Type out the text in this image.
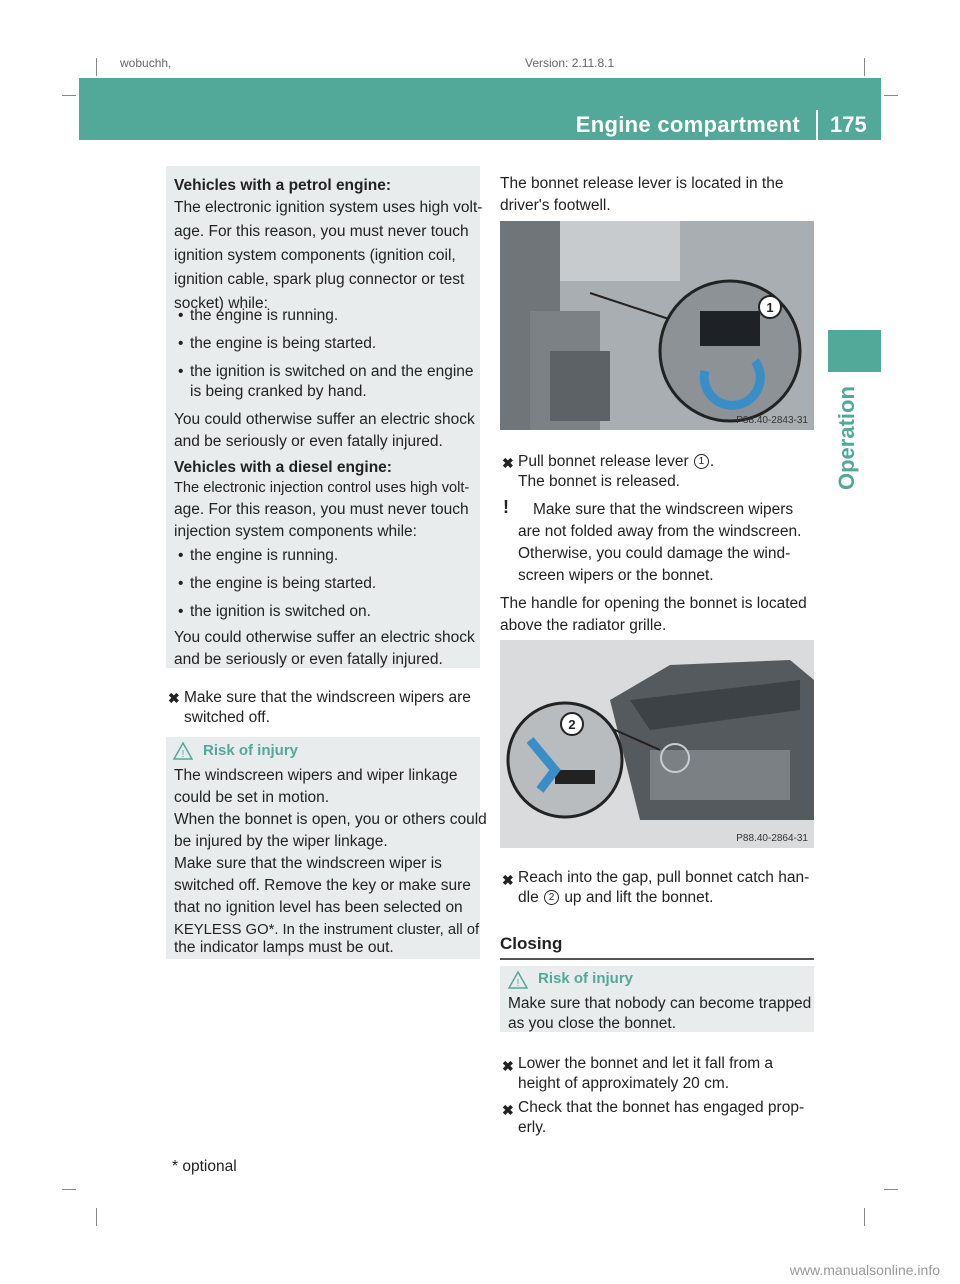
wobuchh,	Version: 2.11.8.1
Engine compartment 175
Operation
Vehicles with a petrol engine:
The electronic ignition system uses high volt-
age. For this reason, you must never touch
ignition system components (ignition coil,
ignition cable, spark plug connector or test
socket) while:
• the engine is running.
• the engine is being started.
• the ignition is switched on and the engine
is being cranked by hand.
You could otherwise suffer an electric shock
and be seriously or even fatally injured.
Vehicles with a diesel engine:
The electronic injection control uses high volt-
age. For this reason, you must never touch
injection system components while:
• the engine is running.
• the engine is being started.
• the ignition is switched on.
You could otherwise suffer an electric shock
and be seriously or even fatally injured.
✖ Make sure that the windscreen wipers are
switched off.
! Risk of injury
The windscreen wipers and wiper linkage
could be set in motion.
When the bonnet is open, you or others could
be injured by the wiper linkage.
Make sure that the windscreen wiper is
switched off. Remove the key or make sure
that no ignition level has been selected on
KEYLESS GO*. In the instrument cluster, all of
the indicator lamps must be out.
The bonnet release lever is located in the
driver's footwell.
1
P88.40-2843-31
✖ Pull bonnet release lever 1 .
The bonnet is released.
! Make sure that the windscreen wipers
are not folded away from the windscreen.
Otherwise, you could damage the wind-
screen wipers or the bonnet.
The handle for opening the bonnet is located
above the radiator grille.
2
P88.40-2864-31
✖ Reach into the gap, pull bonnet catch han-
dle 2 up and lift the bonnet.
Closing
! Risk of injury
Make sure that nobody can become trapped
as you close the bonnet.
✖ Lower the bonnet and let it fall from a
height of approximately 20 cm.
✖ Check that the bonnet has engaged prop-
erly.
* optional
www.manualsonline.info
